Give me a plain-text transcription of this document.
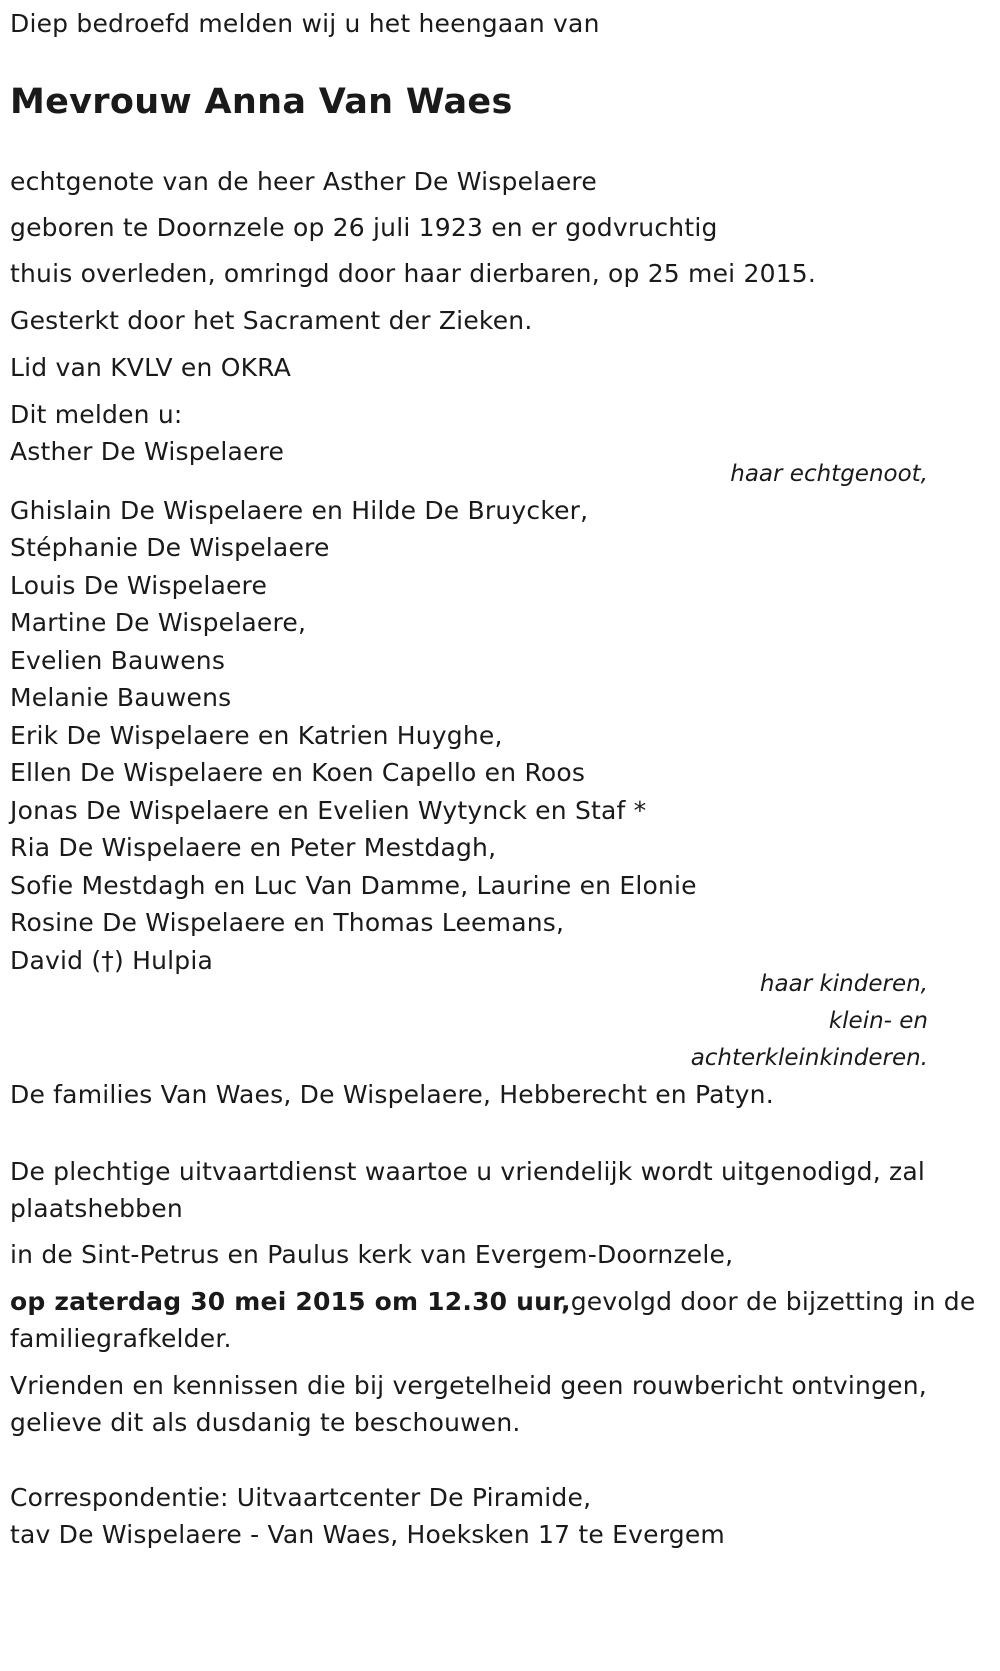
Diep bedroefd melden wij u het heengaan van
Mevrouw Anna Van Waes
echtgenote van de heer Asther De Wispelaere
geboren te Doornzele op 26 juli 1923 en er godvruchtig
thuis overleden, omringd door haar dierbaren, op 25 mei 2015.
Gesterkt door het Sacrament der Zieken.
Lid van KVLV en OKRA
Dit melden u:
Asther De Wispelaere
haar echtgenoot,
Ghislain De Wispelaere en Hilde De Bruycker,
Stéphanie De Wispelaere
Louis De Wispelaere
Martine De Wispelaere,
Evelien Bauwens
Melanie Bauwens
Erik De Wispelaere en Katrien Huyghe,
Ellen De Wispelaere en Koen Capello en Roos
Jonas De Wispelaere en Evelien Wytynck en Staf *
Ria De Wispelaere en Peter Mestdagh,
Sofie Mestdagh en Luc Van Damme, Laurine en Elonie
Rosine De Wispelaere en Thomas Leemans,
David (†) Hulpia
haar kinderen,
klein- en
achterkleinkinderen.
De families Van Waes, De Wispelaere, Hebberecht en Patyn.
De plechtige uitvaartdienst waartoe u vriendelijk wordt uitgenodigd, zal
plaatshebben
in de Sint-Petrus en Paulus kerk van Evergem-Doornzele,
op zaterdag 30 mei 2015 om 12.30 uur,gevolgd door de bijzetting in de
familiegrafkelder.
Vrienden en kennissen die bij vergetelheid geen rouwbericht ontvingen,
gelieve dit als dusdanig te beschouwen.
Correspondentie: Uitvaartcenter De Piramide,
tav De Wispelaere - Van Waes, Hoeksken 17 te Evergem
